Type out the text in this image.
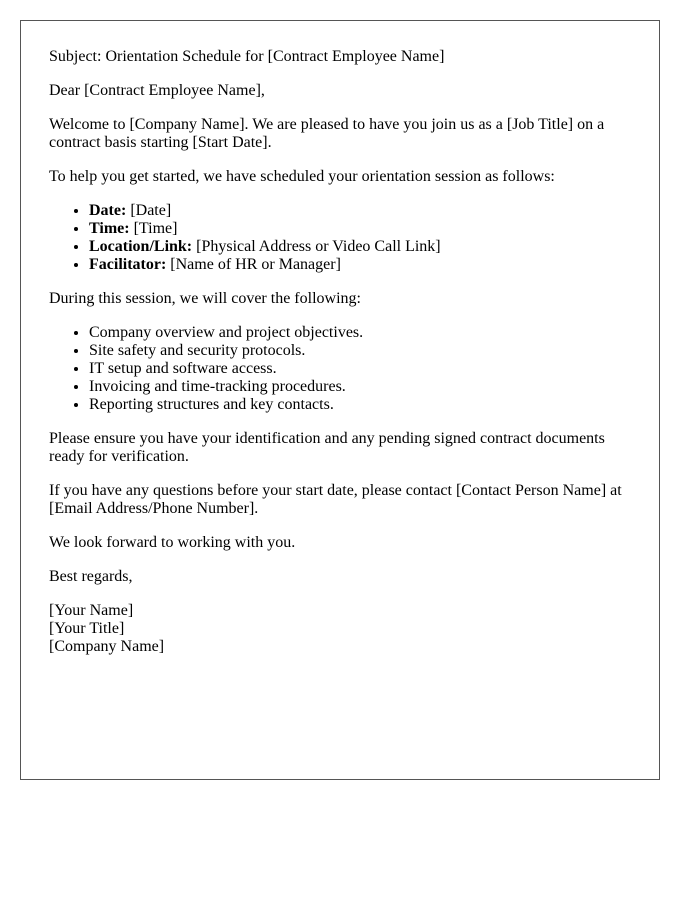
Subject: Orientation Schedule for [Contract Employee Name]

Dear [Contract Employee Name],

Welcome to [Company Name]. We are pleased to have you join us as a [Job Title] on a contract basis starting [Start Date].

To help you get started, we have scheduled your orientation session as follows:

• Date: [Date]
• Time: [Time]
• Location/Link: [Physical Address or Video Call Link]
• Facilitator: [Name of HR or Manager]

During this session, we will cover the following:

• Company overview and project objectives.
• Site safety and security protocols.
• IT setup and software access.
• Invoicing and time-tracking procedures.
• Reporting structures and key contacts.

Please ensure you have your identification and any pending signed contract documents ready for verification.

If you have any questions before your start date, please contact [Contact Person Name] at [Email Address/Phone Number].

We look forward to working with you.

Best regards,

[Your Name]
[Your Title]
[Company Name]
